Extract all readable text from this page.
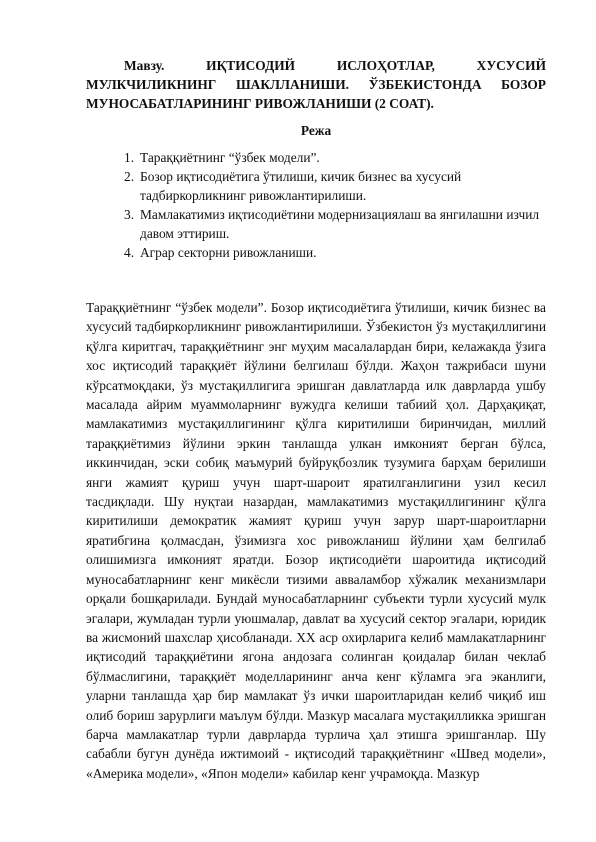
Мавзу. ИҚТИСОДИЙ ИСЛОҲОТЛАР, ХУСУСИЙ МУЛКЧИЛИКНИНГ ШАКЛЛАНИШИ. ЎЗБЕКИСТОНДА БОЗОР МУНОСАБАТЛАРИНИНГ РИВОЖЛАНИШИ (2 СОАТ).

Режа
1. Тараққиётнинг “ўзбек модели”.
2. Бозор иқтисодиётига ўтилиши, кичик бизнес ва хусусий тадбиркорликнинг ривожлантирилиши.
3. Мамлакатимиз иқтисодиётини модернизациялаш ва янгилашни изчил давом эттириш.
4. Аграр секторни ривожланиши.

Тараққиётнинг “ўзбек модели”. Бозор иқтисодиётига ўтилиши, кичик бизнес ва хусусий тадбиркорликнинг ривожлантирилиши. Ўзбекистон ўз мустақиллигини қўлга киритгач, тараққиётнинг энг муҳим масалалардан бири, келажакда ўзига хос иқтисодий тараққиёт йўлини белгилаш бўлди. Жаҳон тажрибаси шуни кўрсатмоқдаки, ўз мустақиллигига эришган давлатларда илк даврларда ушбу масалада айрим муаммоларнинг вужудга келиши табиий ҳол. Дарҳақиқат, мамлакатимиз мустақиллигининг қўлга киритилиши биринчидан, миллий тараққиётимиз йўлини эркин танлашда улкан имконият берган бўлса, иккинчидан, эски собиқ маъмурий буйруқбозлик тузумига барҳам берилиши янги жамият қуриш учун шарт-шароит яратилганлигини узил кесил тасдиқлади. Шу нуқтаи назардан, мамлакатимиз мустақиллигининг қўлга киритилиши демократик жамият қуриш учун зарур шарт-шароитларни яратибгина қолмасдан, ўзимизга хос ривожланиш йўлини ҳам белгилаб олишимизга имконият яратди. Бозор иқтисодиёти шароитида иқтисодий муносабатларнинг кенг микёсли тизими авваламбор хўжалик механизмлари орқали бошқарилади. Бундай муносабатларнинг субъекти турли хусусий мулк эгалари, жумладан турли уюшмалар, давлат ва хусусий сектор эгалари, юридик ва жисмоний шахслар ҳисобланади. XX аср охирларига келиб мамлакатларнинг иқтисодий тараққиётини ягона андозага солинган қоидалар билан чеклаб бўлмаслигини, тараққиёт моделларининг анча кенг кўламга эга эканлиги, уларни танлашда ҳар бир мамлакат ўз ички шароитларидан келиб чиқиб иш олиб бориш зарурлиги маълум бўлди. Мазкур масалага мустақилликка эришган барча мамлакатлар турли даврларда турлича ҳал этишга эришганлар. Шу сабабли бугун дунёда ижтимоий - иқтисодий тараққиётнинг «Швед модели», «Америка модели», «Япон модели» кабилар кенг учрамоқда. Мазкур
